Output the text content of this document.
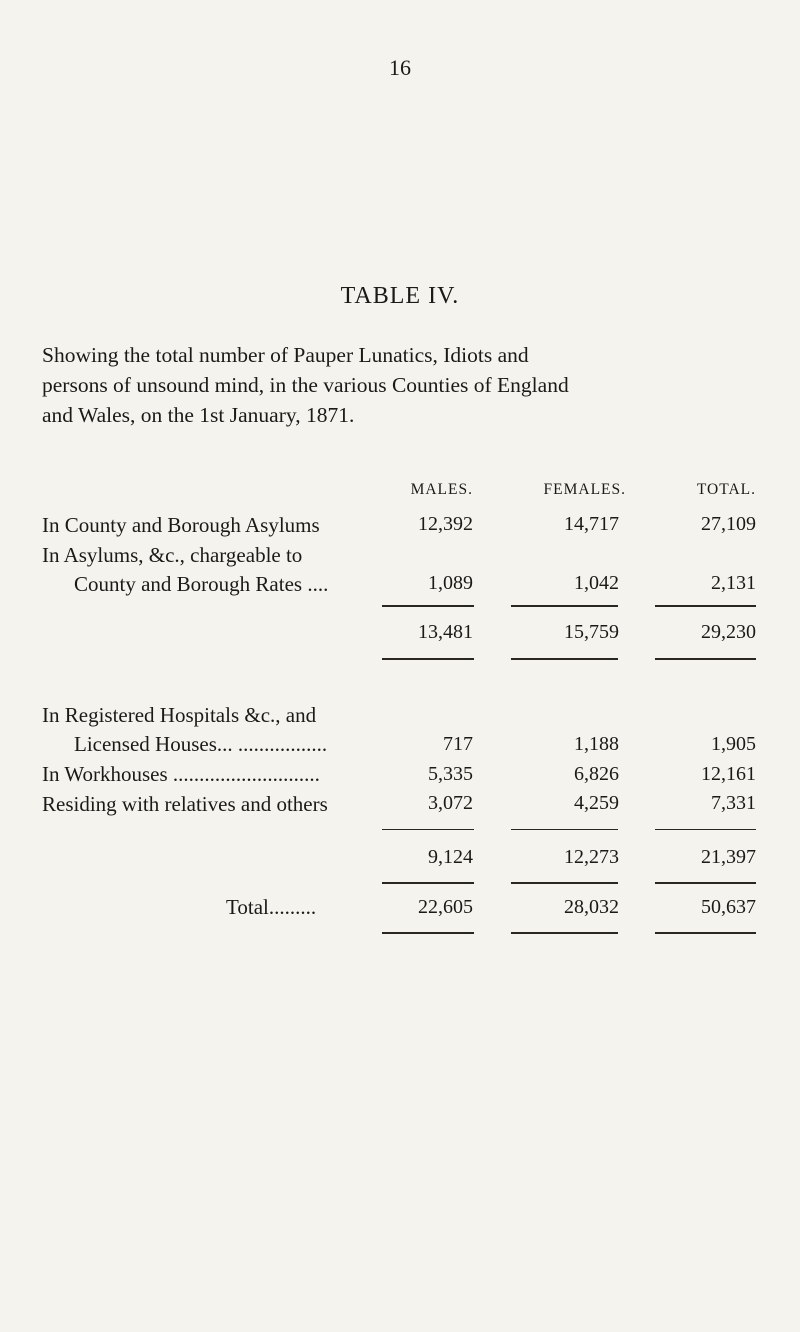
16
TABLE IV.
Showing the total number of Pauper Lunatics, Idiots and
persons of unsound mind, in the various Counties of England
and Wales, on the 1st January, 1871.
MALES.	FEMALES.	TOTAL.
In County and Borough Asylums	12,392	14,717	27,109
In Asylums, &c., chargeable to
County and Borough Rates ....	1,089	1,042	2,131
13,481	15,759	29,230
In Registered Hospitals &c., and
Licensed Houses... .................	717	1,188	1,905
In Workhouses ............................	5,335	6,826	12,161
Residing with relatives and others	3,072	4,259	7,331
9,124	12,273	21,397
Total.........	22,605	28,032	50,637
